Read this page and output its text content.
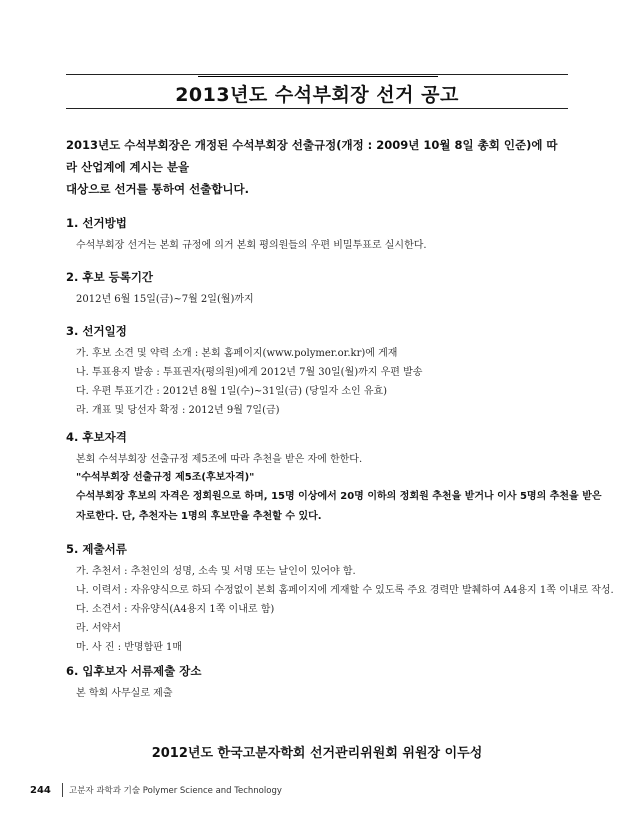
2013년도 수석부회장 선거 공고
2013년도 수석부회장은 개정된 수석부회장 선출규정(개정 : 2009년 10월 8일 총회 인준)에 따라 산업계에 계시는 분을
대상으로 선거를 통하여 선출합니다.
1. 선거방법
수석부회장 선거는 본회 규정에 의거 본회 평의원들의 우편 비밀투표로 실시한다.
2. 후보 등록기간
2012년 6월 15일(금)~7월 2일(월)까지
3. 선거일정
가. 후보 소견 및 약력 소개 : 본회 홈페이지(www.polymer.or.kr)에 게재
나. 투표용지 발송 : 투표권자(평의원)에게 2012년 7월 30일(월)까지 우편 발송
다. 우편 투표기간 : 2012년 8월 1일(수)~31일(금) (당일자 소인 유효)
라. 개표 및 당선자 확정 : 2012년 9월 7일(금)
4. 후보자격
본회 수석부회장 선출규정 제5조에 따라 추천을 받은 자에 한한다.
"수석부회장 선출규정 제5조(후보자격)"
수석부회장 후보의 자격은 정회원으로 하며, 15명 이상에서 20명 이하의 정회원 추천을 받거나 이사 5명의 추천을 받은
자로한다. 단, 추천자는 1명의 후보만을 추천할 수 있다.
5. 제출서류
가. 추천서 : 추천인의 성명, 소속 및 서명 또는 날인이 있어야 함.
나. 이력서 : 자유양식으로 하되 수정없이 본회 홈페이지에 게재할 수 있도록 주요 경력만 발췌하여 A4용지 1쪽 이내로 작성.
다. 소견서 : 자유양식(A4용지 1쪽 이내로 함)
라. 서약서
마. 사 진 : 반명함판 1매
6. 입후보자 서류제출 장소
본 학회 사무실로 제출
2012년도 한국고분자학회 선거관리위원회 위원장 이두성
244	고분자 과학과 기술 Polymer Science and Technology
